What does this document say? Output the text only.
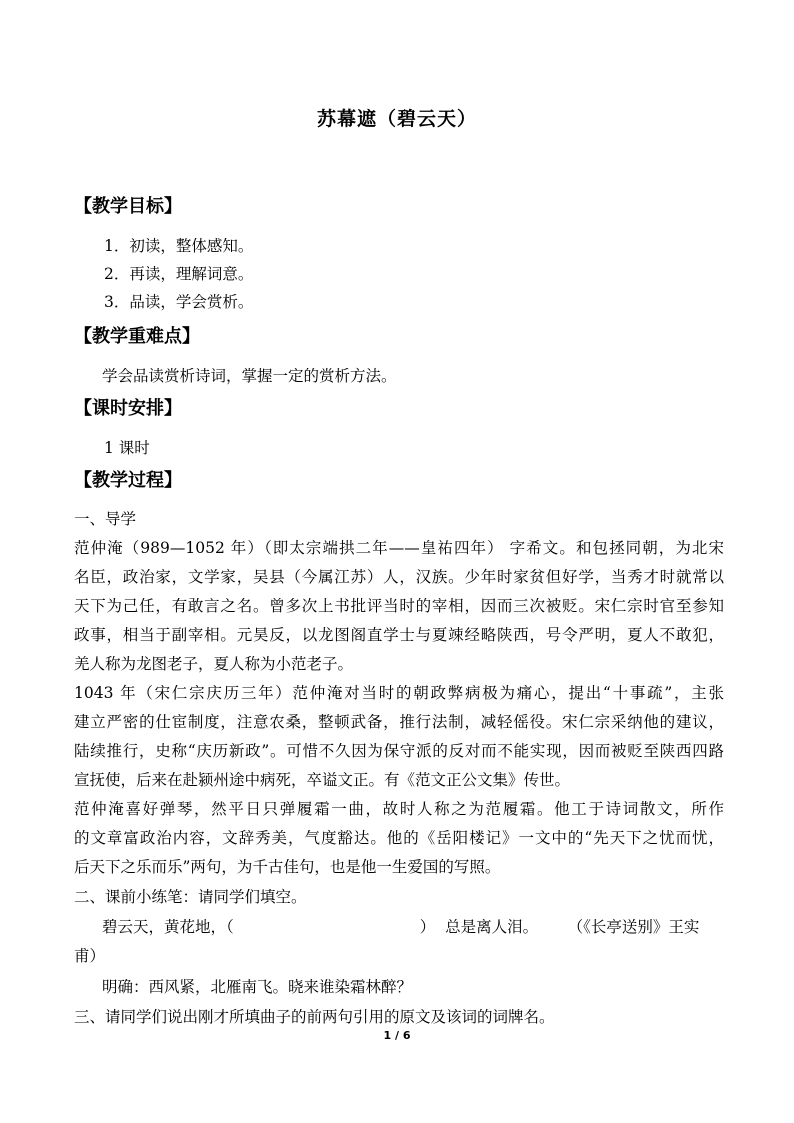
苏幕遮（碧云天）
【教学目标】
1．初读，整体感知。
2．再读，理解词意。
3．品读，学会赏析。
【教学重难点】
学会品读赏析诗词，掌握一定的赏析方法。
【课时安排】
1 课时
【教学过程】
一、导学
范仲淹（989—1052 年）（即太宗端拱二年——皇祐四年） 字希文。和包拯同朝，为北宋
名臣，政治家，文学家，吴县（今属江苏）人，汉族。少年时家贫但好学，当秀才时就常以
天下为己任，有敢言之名。曾多次上书批评当时的宰相，因而三次被贬。宋仁宗时官至参知
政事，相当于副宰相。元昊反，以龙图阁直学士与夏竦经略陕西，号令严明，夏人不敢犯，
羌人称为龙图老子，夏人称为小范老子。
1043 年（宋仁宗庆历三年）范仲淹对当时的朝政弊病极为痛心，提出“十事疏”，主张
建立严密的仕宦制度，注意农桑，整顿武备，推行法制，减轻傜役。宋仁宗采纳他的建议，
陆续推行，史称“庆历新政”。可惜不久因为保守派的反对而不能实现，因而被贬至陕西四路
宣抚使，后来在赴颍州途中病死，卒谥文正。有《范文正公文集》传世。
范仲淹喜好弹琴，然平日只弹履霜一曲，故时人称之为范履霜。他工于诗词散文，所作
的文章富政治内容，文辞秀美，气度豁达。他的《岳阳楼记》一文中的“先天下之忧而忧，
后天下之乐而乐”两句，为千古佳句，也是他一生爱国的写照。
二、课前小练笔：请同学们填空。
碧云天，黄花地，（	）  总是离人泪。      （《长亭送别》王实
甫）
明确：西风紧，北雁南飞。晓来谁染霜林醉？
三、请同学们说出刚才所填曲子的前两句引用的原文及该词的词牌名。
1 / 6
